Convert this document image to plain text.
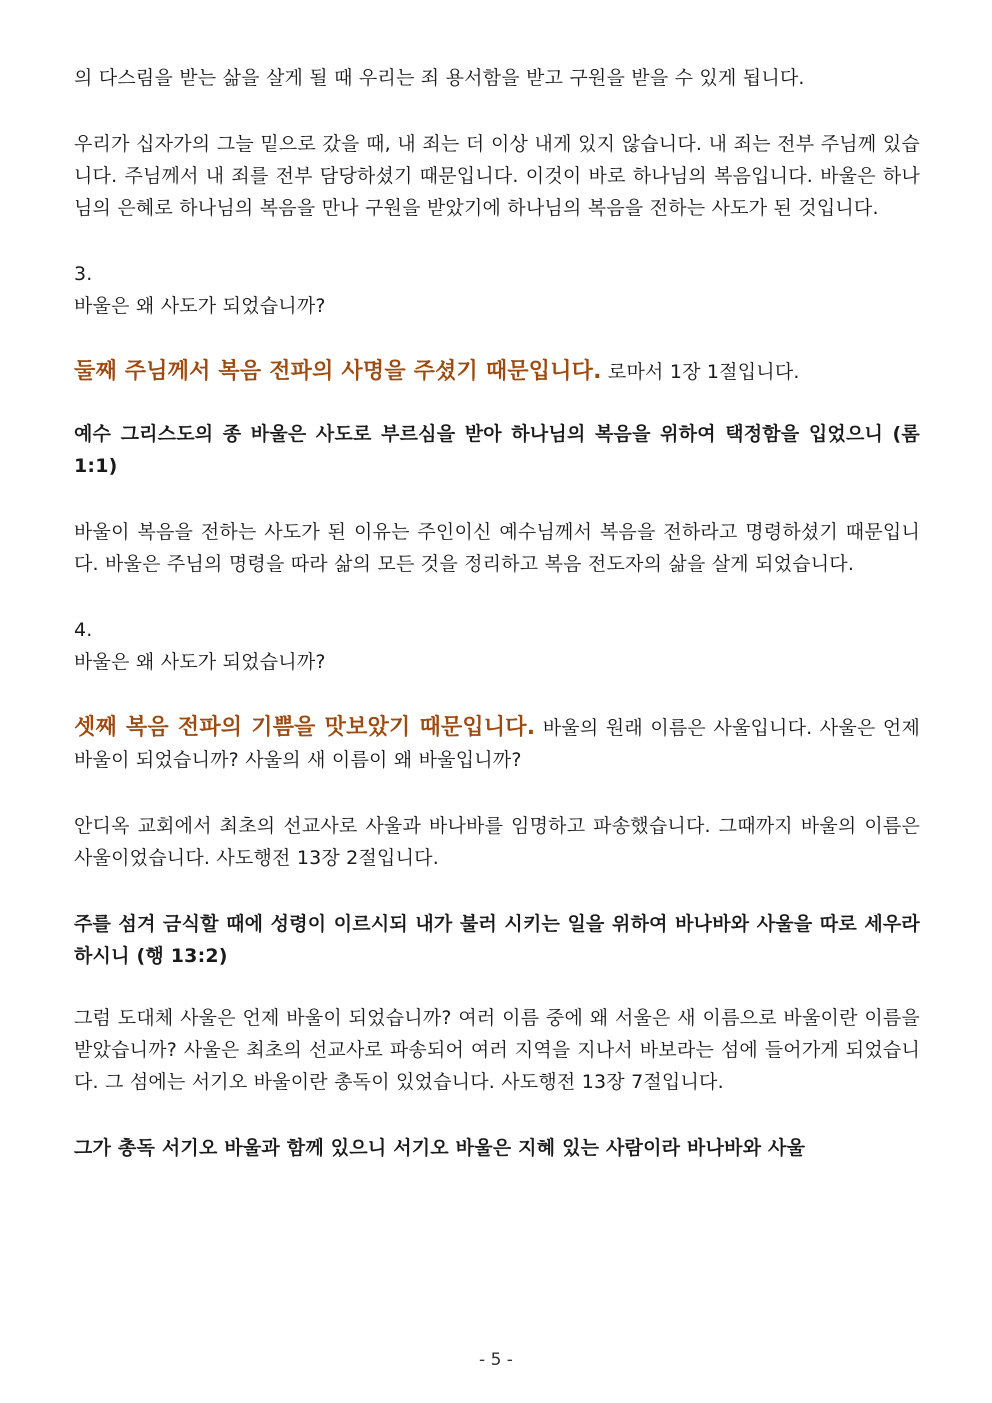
의 다스림을 받는 삶을 살게 될 때 우리는 죄 용서함을 받고 구원을 받을 수 있게 됩니다.

우리가 십자가의 그늘 밑으로 갔을 때, 내 죄는 더 이상 내게 있지 않습니다. 내 죄는 전부 주님께 있습니다. 주님께서 내 죄를 전부 담당하셨기 때문입니다. 이것이 바로 하나님의 복음입니다. 바울은 하나님의 은혜로 하나님의 복음을 만나 구원을 받았기에 하나님의 복음을 전하는 사도가 된 것입니다.

3.

바울은 왜 사도가 되었습니까?

둘째 주님께서 복음 전파의 사명을 주셨기 때문입니다. 로마서 1장 1절입니다.

예수 그리스도의 종 바울은 사도로 부르심을 받아 하나님의 복음을 위하여 택정함을 입었으니 (롬 1:1)

바울이 복음을 전하는 사도가 된 이유는 주인이신 예수님께서 복음을 전하라고 명령하셨기 때문입니다. 바울은 주님의 명령을 따라 삶의 모든 것을 정리하고 복음 전도자의 삶을 살게 되었습니다.

4.

바울은 왜 사도가 되었습니까?

셋째 복음 전파의 기쁨을 맛보았기 때문입니다. 바울의 원래 이름은 사울입니다. 사울은 언제 바울이 되었습니까? 사울의 새 이름이 왜 바울입니까?

안디옥 교회에서 최초의 선교사로 사울과 바나바를 임명하고 파송했습니다. 그때까지 바울의 이름은 사울이었습니다. 사도행전 13장 2절입니다.

주를 섬겨 금식할 때에 성령이 이르시되 내가 불러 시키는 일을 위하여 바나바와 사울을 따로 세우라 하시니 (행 13:2)

그럼 도대체 사울은 언제 바울이 되었습니까? 여러 이름 중에 왜 서울은 새 이름으로 바울이란 이름을 받았습니까? 사울은 최초의 선교사로 파송되어 여러 지역을 지나서 바보라는 섬에 들어가게 되었습니다. 그 섬에는 서기오 바울이란 총독이 있었습니다. 사도행전 13장 7절입니다.

그가 총독 서기오 바울과 함께 있으니 서기오 바울은 지혜 있는 사람이라 바나바와 사울

- 5 -
